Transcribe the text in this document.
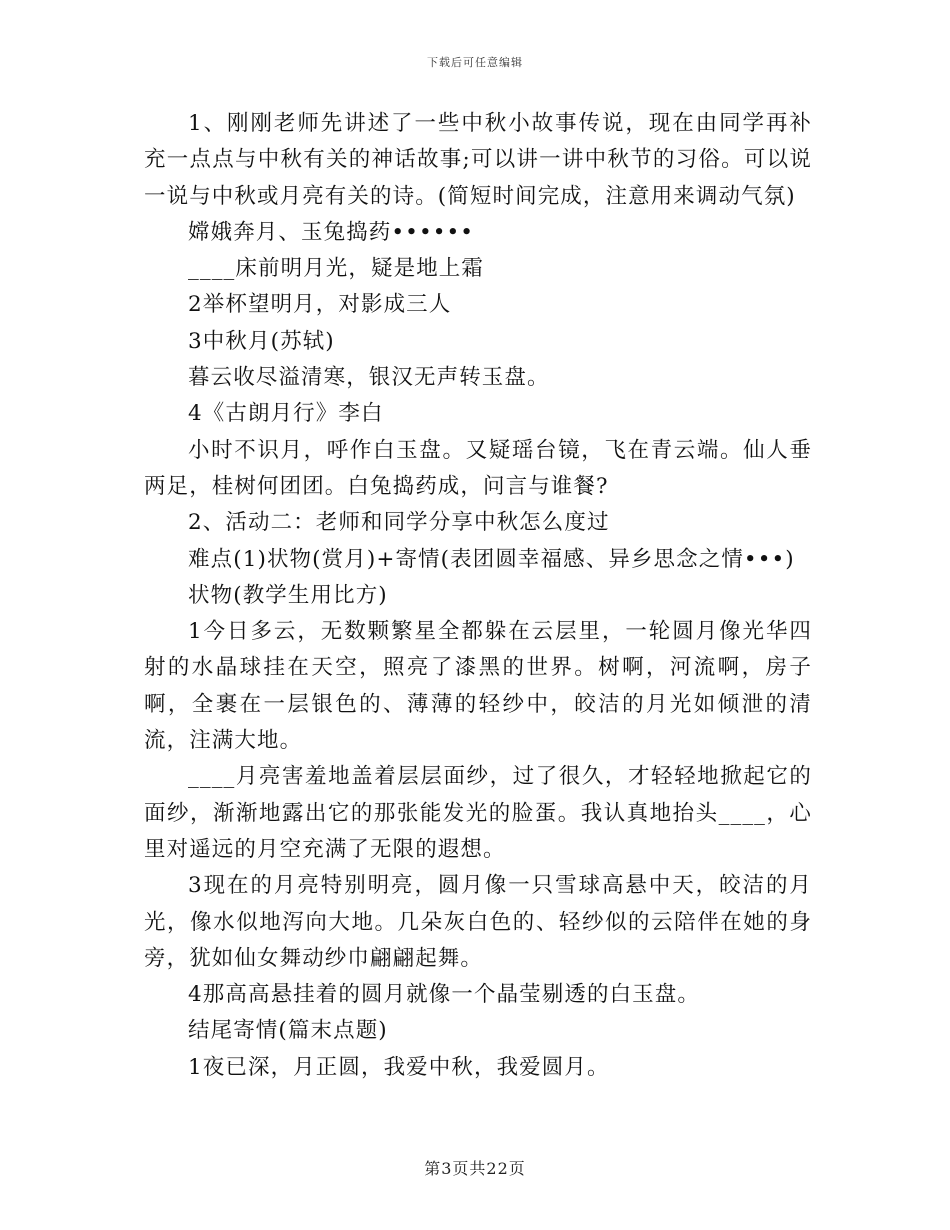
下载后可任意编辑

1、刚刚老师先讲述了一些中秋小故事传说，现在由同学再补充一点点与中秋有关的神话故事;可以讲一讲中秋节的习俗。可以说一说与中秋或月亮有关的诗。(简短时间完成，注意用来调动气氛)

嫦娥奔月、玉兔捣药••••••

____床前明月光，疑是地上霜

2举杯望明月，对影成三人

3中秋月(苏轼)

暮云收尽溢清寒，银汉无声转玉盘。

4《古朗月行》李白

小时不识月，呼作白玉盘。又疑瑶台镜，飞在青云端。仙人垂两足，桂树何团团。白兔捣药成，问言与谁餐?

2、活动二：老师和同学分享中秋怎么度过

难点(1)状物(赏月)+寄情(表团圆幸福感、异乡思念之情•••)

状物(教学生用比方)

1今日多云，无数颗繁星全都躲在云层里，一轮圆月像光华四射的水晶球挂在天空，照亮了漆黑的世界。树啊，河流啊，房子啊，全裹在一层银色的、薄薄的轻纱中，皎洁的月光如倾泄的清流，注满大地。

____月亮害羞地盖着层层面纱，过了很久，才轻轻地掀起它的面纱，渐渐地露出它的那张能发光的脸蛋。我认真地抬头____，心里对遥远的月空充满了无限的遐想。

3现在的月亮特别明亮，圆月像一只雪球高悬中天，皎洁的月光，像水似地泻向大地。几朵灰白色的、轻纱似的云陪伴在她的身旁，犹如仙女舞动纱巾翩翩起舞。

4那高高悬挂着的圆月就像一个晶莹剔透的白玉盘。

结尾寄情(篇末点题)

1夜已深，月正圆，我爱中秋，我爱圆月。

第3页共22页
